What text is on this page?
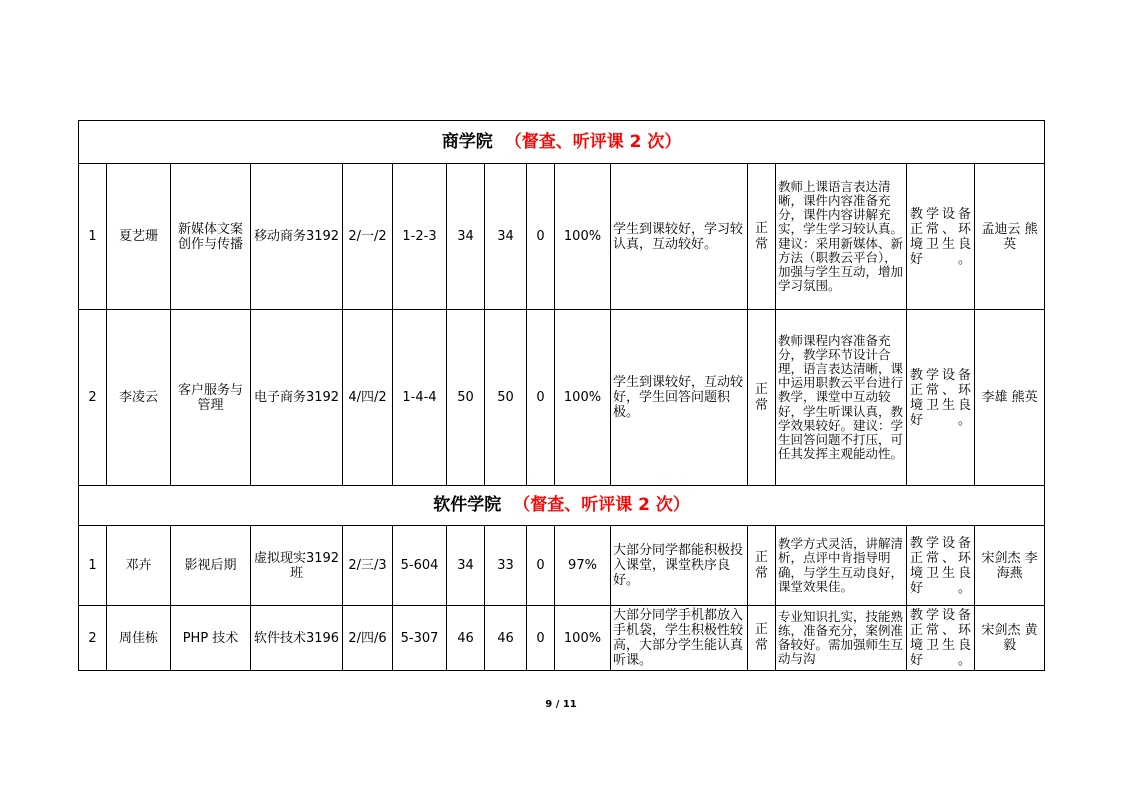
商学院 （督查、听评课 2 次）														
1	夏艺珊	新媒体文案创作与传播	移动商务3192	2/一/2	1-2-3	34	34	0	100%	学生到课较好，学习较认真，互动较好。	正常	教师上课语言表达清晰，课件内容准备充分，课件内容讲解充实，学生学习较认真。建议：采用新媒体、新方法（职教云平台），加强与学生互动，增加学习氛围。	教学设备正常、环境卫生良好。	孟迪云 熊英
2	李凌云	客户服务与管理	电子商务3192	4/四/2	1-4-4	50	50	0	100%	学生到课较好，互动较好，学生回答问题积极。	正常	教师课程内容准备充分，教学环节设计合理，语言表达清晰，课中运用职教云平台进行教学，课堂中互动较好，学生听课认真，教学效果较好。建议：学生回答问题不打压，可任其发挥主观能动性。	教学设备正常、环境卫生良好。	李雄 熊英
软件学院 （督查、听评课 2 次）														
1	邓卉	影视后期	虚拟现实3192 班	2/三/3	5-604	34	33	0	97%	大部分同学都能积极投入课堂，课堂秩序良好。	正常	教学方式灵活，讲解清析，点评中肯指导明确，与学生互动良好，课堂效果佳。	教学设备正常、环境卫生良好。	宋剑杰 李海燕
2	周佳栋	PHP 技术	软件技术3196	2/四/6	5-307	46	46	0	100%	大部分同学手机都放入手机袋，学生积极性较高，大部分学生能认真听课。	正常	专业知识扎实，技能熟练，准备充分，案例准备较好。需加强师生互动与沟	教学设备正常、环境卫生良好。	宋剑杰 黄毅
9 / 11
